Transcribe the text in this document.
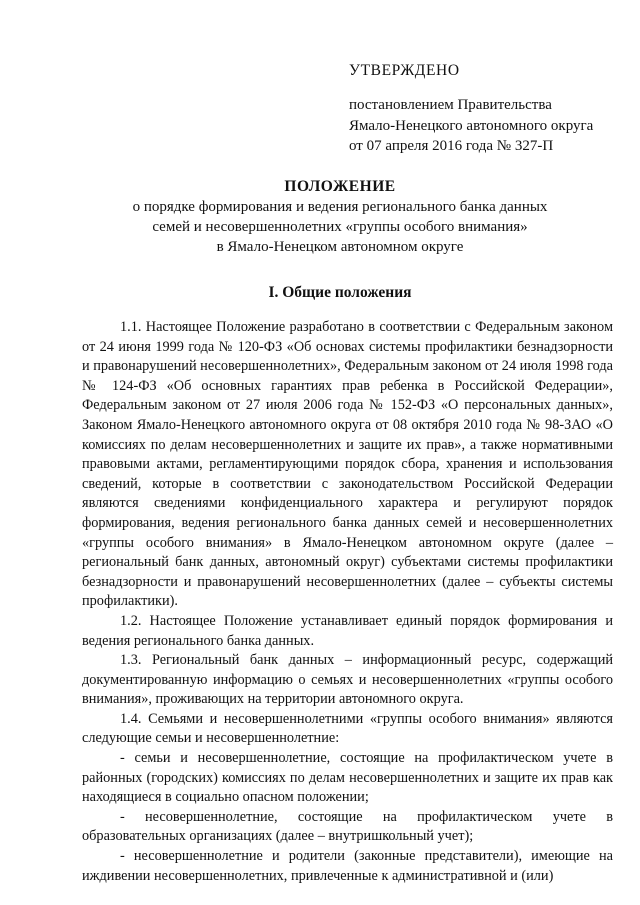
УТВЕРЖДЕНО
постановлением Правительства
Ямало-Ненецкого автономного округа
от 07 апреля 2016 года № 327-П
ПОЛОЖЕНИЕ
о порядке формирования и ведения регионального банка данных
семей и несовершеннолетних «группы особого внимания»
в Ямало-Ненецком автономном округе
I. Общие положения

1.1. Настоящее Положение разработано в соответствии с Федеральным законом от 24 июня 1999 года № 120-ФЗ «Об основах системы профилактики безнадзорности и правонарушений несовершеннолетних», Федеральным законом от 24 июля 1998 года № 124-ФЗ «Об основных гарантиях прав ребенка в Российской Федерации», Федеральным законом от 27 июля 2006 года № 152-ФЗ «О персональных данных», Законом Ямало-Ненецкого автономного округа от 08 октября 2010 года № 98-ЗАО «О комиссиях по делам несовершеннолетних и защите их прав», а также нормативными правовыми актами, регламентирующими порядок сбора, хранения и использования сведений, которые в соответствии с законодательством Российской Федерации являются сведениями конфиденциального характера и регулируют порядок формирования, ведения регионального банка данных семей и несовершеннолетних «группы особого внимания» в Ямало-Ненецком автономном округе (далее – региональный банк данных, автономный округ) субъектами системы профилактики безнадзорности и правонарушений несовершеннолетних (далее – субъекты системы профилактики).

1.2. Настоящее Положение устанавливает единый порядок формирования и ведения регионального банка данных.

1.3. Региональный банк данных – информационный ресурс, содержащий документированную информацию о семьях и несовершеннолетних «группы особого внимания», проживающих на территории автономного округа.

1.4. Семьями и несовершеннолетними «группы особого внимания» являются следующие семьи и несовершеннолетние:

- семьи и несовершеннолетние, состоящие на профилактическом учете в районных (городских) комиссиях по делам несовершеннолетних и защите их прав как находящиеся в социально опасном положении;

- несовершеннолетние, состоящие на профилактическом учете в образовательных организациях (далее – внутришкольный учет);

- несовершеннолетние и родители (законные представители), имеющие на иждивении несовершеннолетних, привлеченные к административной и (или)
